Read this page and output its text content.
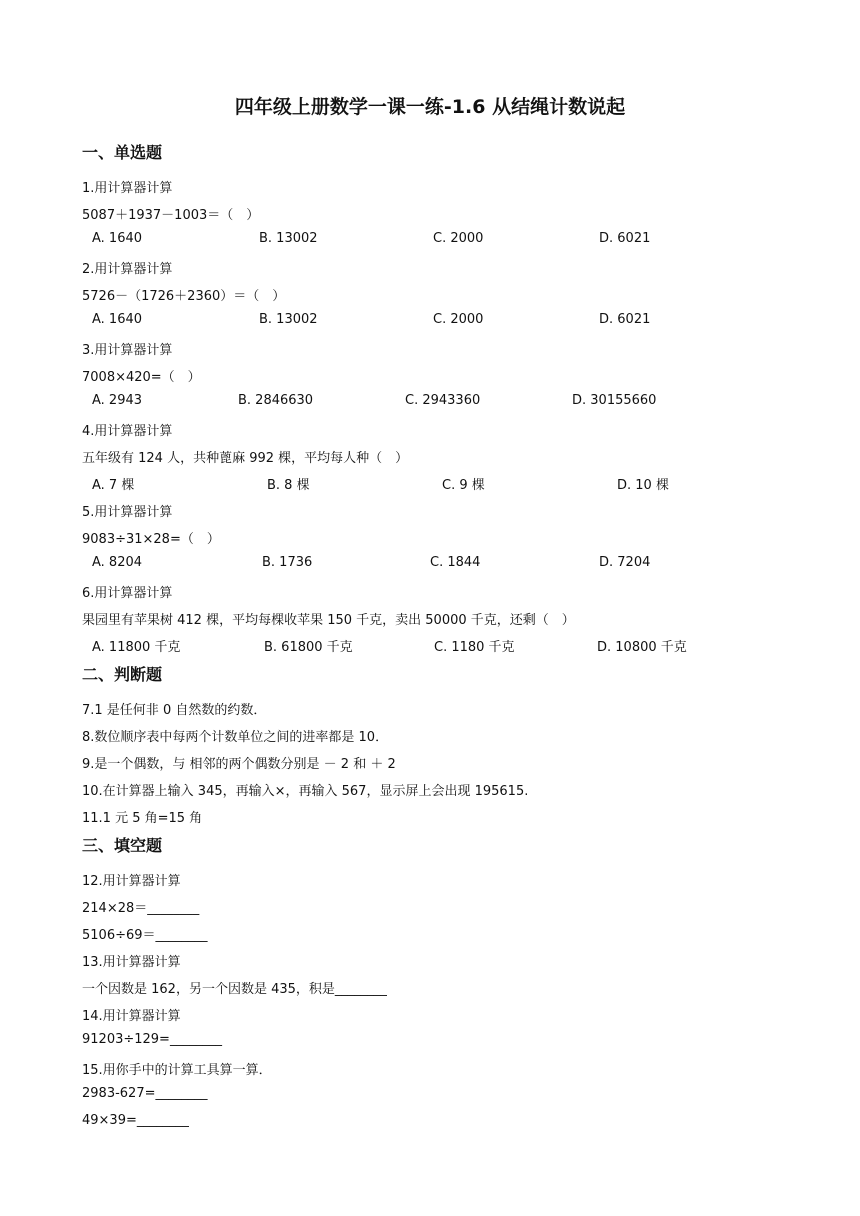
四年级上册数学一课一练-1.6 从结绳计数说起
一、单选题
1.用计算器计算
5087＋1937－1003＝（　）
A. 1640	B. 13002	C. 2000	D. 6021
2.用计算器计算
5726－（1726＋2360）＝（　）
A. 1640	B. 13002	C. 2000	D. 6021
3.用计算器计算
7008×420=（　）
A. 2943	B. 2846630	C. 2943360	D. 30155660
4.用计算器计算
五年级有 124 人，共种蓖麻 992 棵，平均每人种（　）
A. 7 棵	B. 8 棵	C. 9 棵	D. 10 棵
5.用计算器计算
9083÷31×28=（　）
A. 8204	B. 1736	C. 1844	D. 7204
6.用计算器计算
果园里有苹果树 412 棵，平均每棵收苹果 150 千克，卖出 50000 千克，还剩（　）
A. 11800 千克	B. 61800 千克	C. 1180 千克	D. 10800 千克
二、判断题
7.1 是任何非 0 自然数的约数．
8.数位顺序表中每两个计数单位之间的进率都是 10．
9.是一个偶数，与 相邻的两个偶数分别是 － 2 和 ＋ 2
10.在计算器上输入 345，再输入×，再输入 567，显示屏上会出现 195615.
11.1 元 5 角=15 角
三、填空题
12.用计算器计算
214×28＝________
5106÷69＝________
13.用计算器计算
一个因数是 162，另一个因数是 435，积是________
14.用计算器计算
91203÷129=________
15.用你手中的计算工具算一算．
2983-627=________
49×39=________
